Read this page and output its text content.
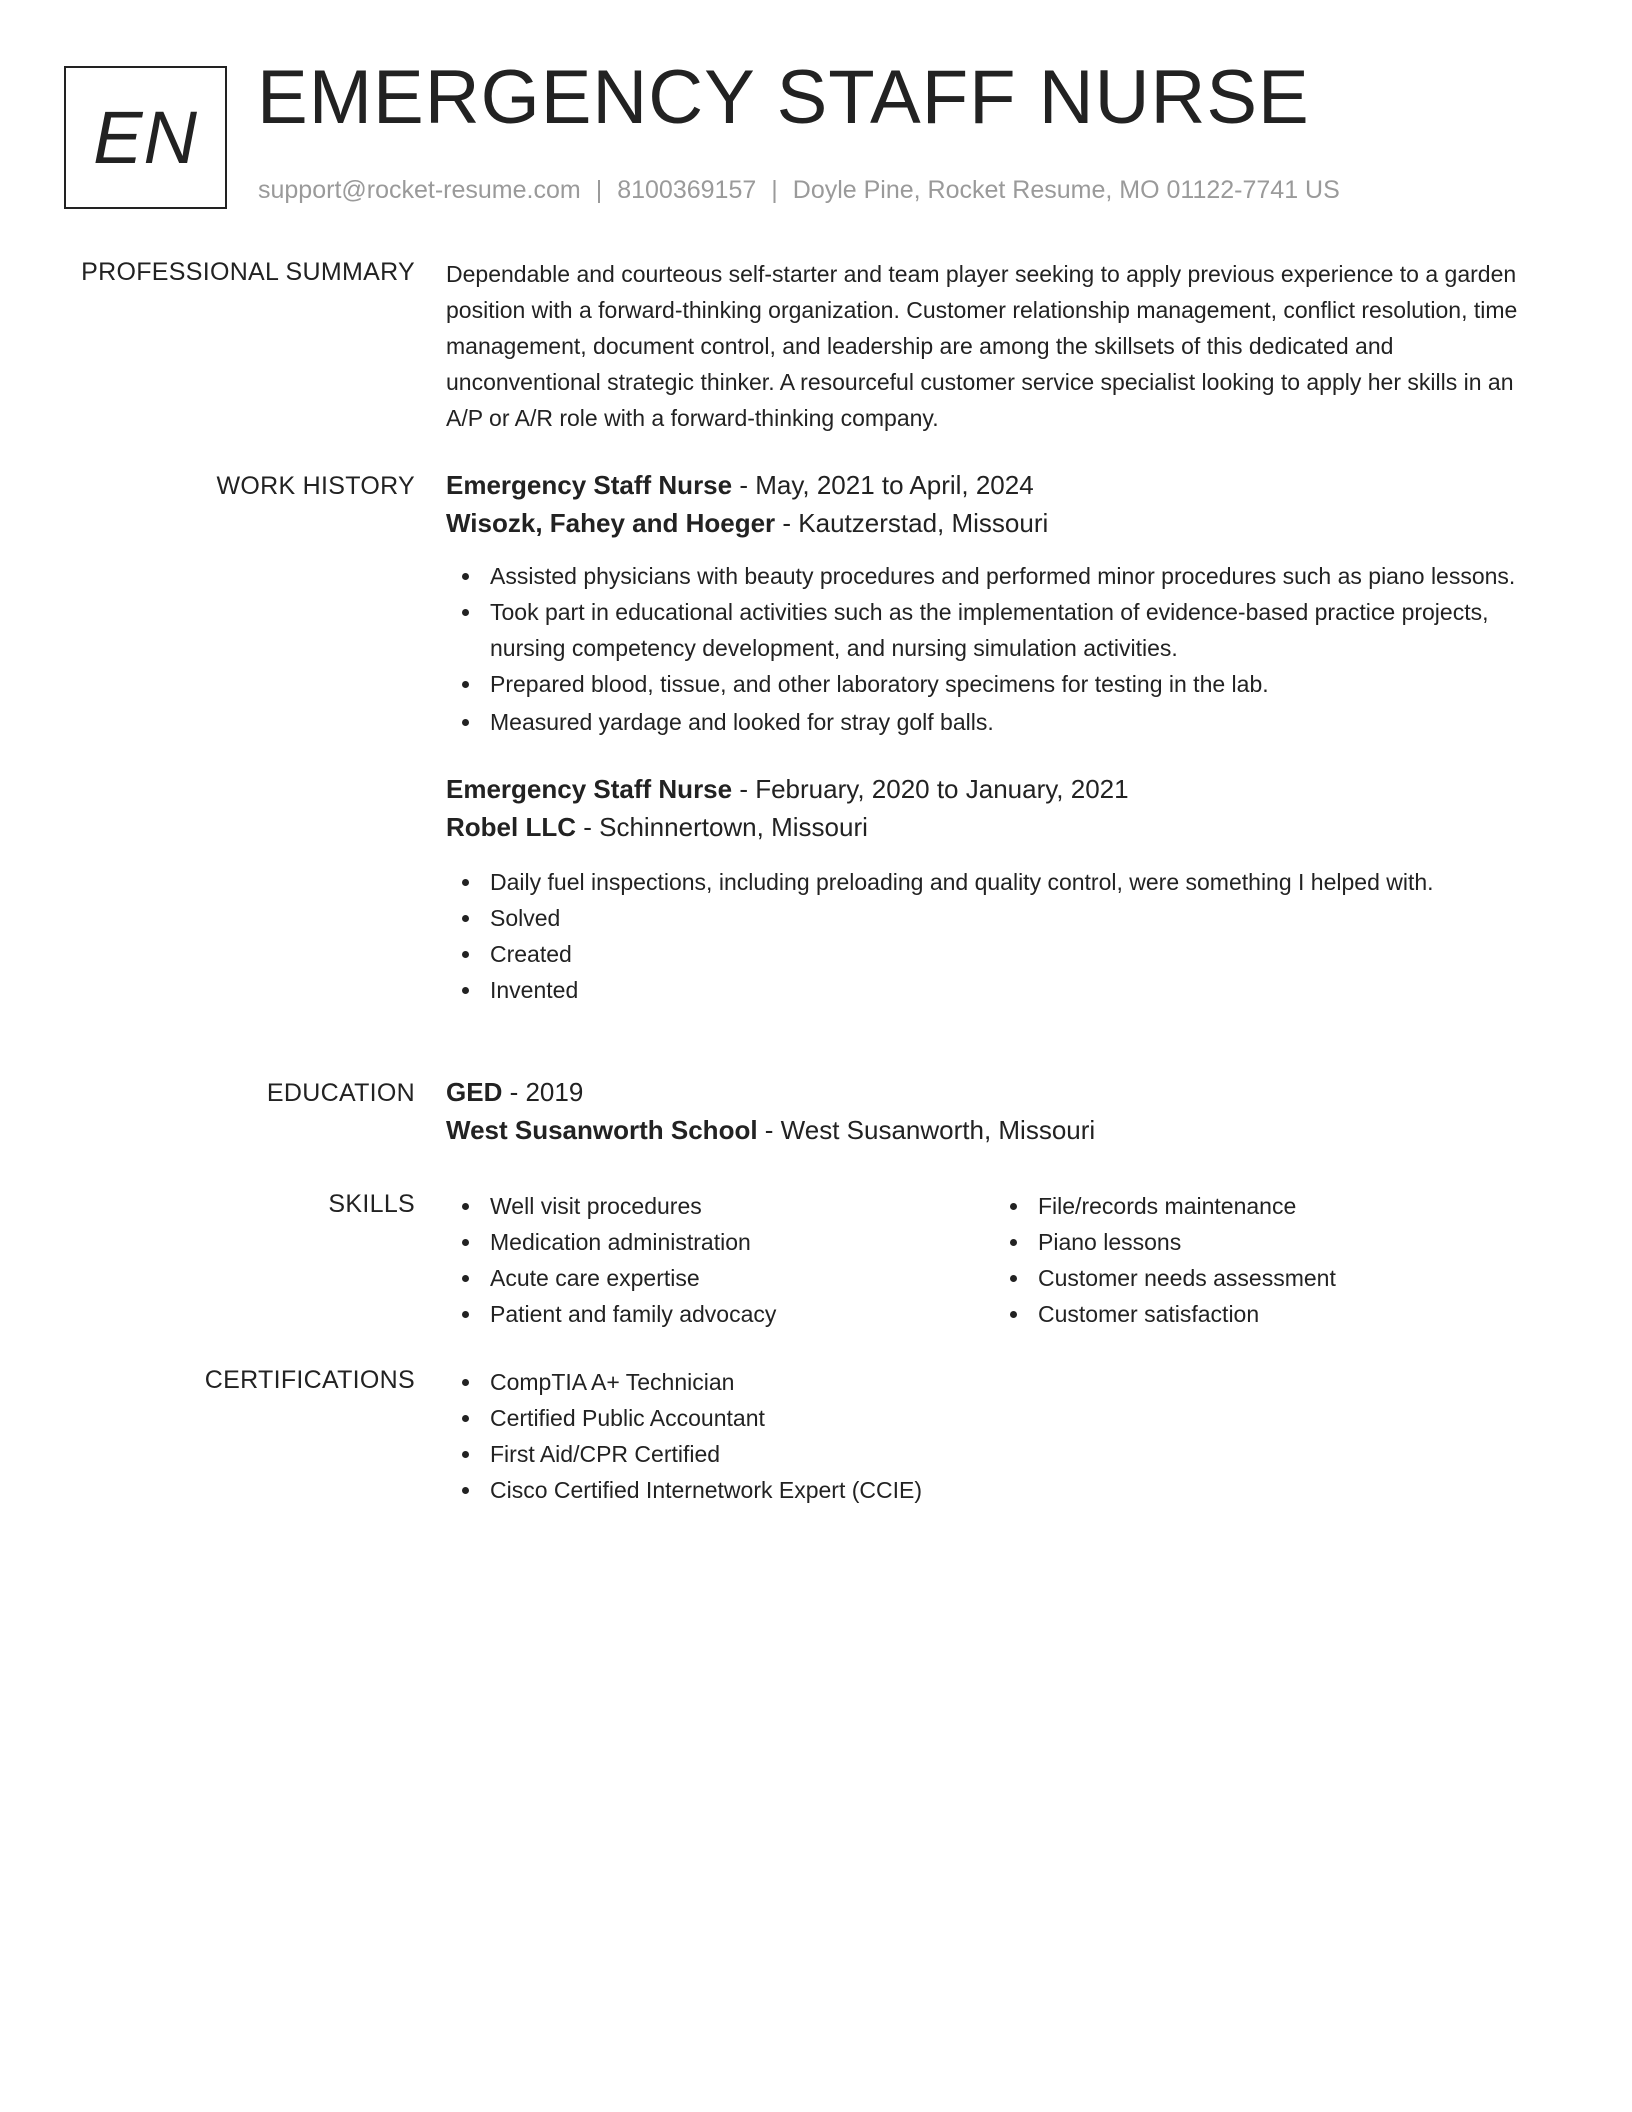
EN EMERGENCY STAFF NURSE
support@rocket-resume.com | 8100369157 | Doyle Pine, Rocket Resume, MO 01122-7741 US
PROFESSIONAL SUMMARY Dependable and courteous self-starter and team player seeking to apply previous experience to a garden position with a forward-thinking organization. Customer relationship management, conflict resolution, time management, document control, and leadership are among the skillsets of this dedicated and unconventional strategic thinker. A resourceful customer service specialist looking to apply her skills in an A/P or A/R role with a forward-thinking company.

WORK HISTORY Emergency Staff Nurse - May, 2021 to April, 2024
Wisozk, Fahey and Hoeger - Kautzerstad, Missouri
Assisted physicians with beauty procedures and performed minor procedures such as piano lessons.
Took part in educational activities such as the implementation of evidence-based practice projects, nursing competency development, and nursing simulation activities.
Prepared blood, tissue, and other laboratory specimens for testing in the lab.
Measured yardage and looked for stray golf balls.
Emergency Staff Nurse - February, 2020 to January, 2021
Robel LLC - Schinnertown, Missouri
Daily fuel inspections, including preloading and quality control, were something I helped with.
Solved
Created
Invented
EDUCATION GED - 2019
West Susanworth School - West Susanworth, Missouri
SKILLS	Well visit procedures
Medication administration
Acute care expertise
Patient and family advocacy
File/records maintenance
Piano lessons
Customer needs assessment
Customer satisfaction
CERTIFICATIONS	CompTIA A+ Technician
Certified Public Accountant
First Aid/CPR Certified
Cisco Certified Internetwork Expert (CCIE)
